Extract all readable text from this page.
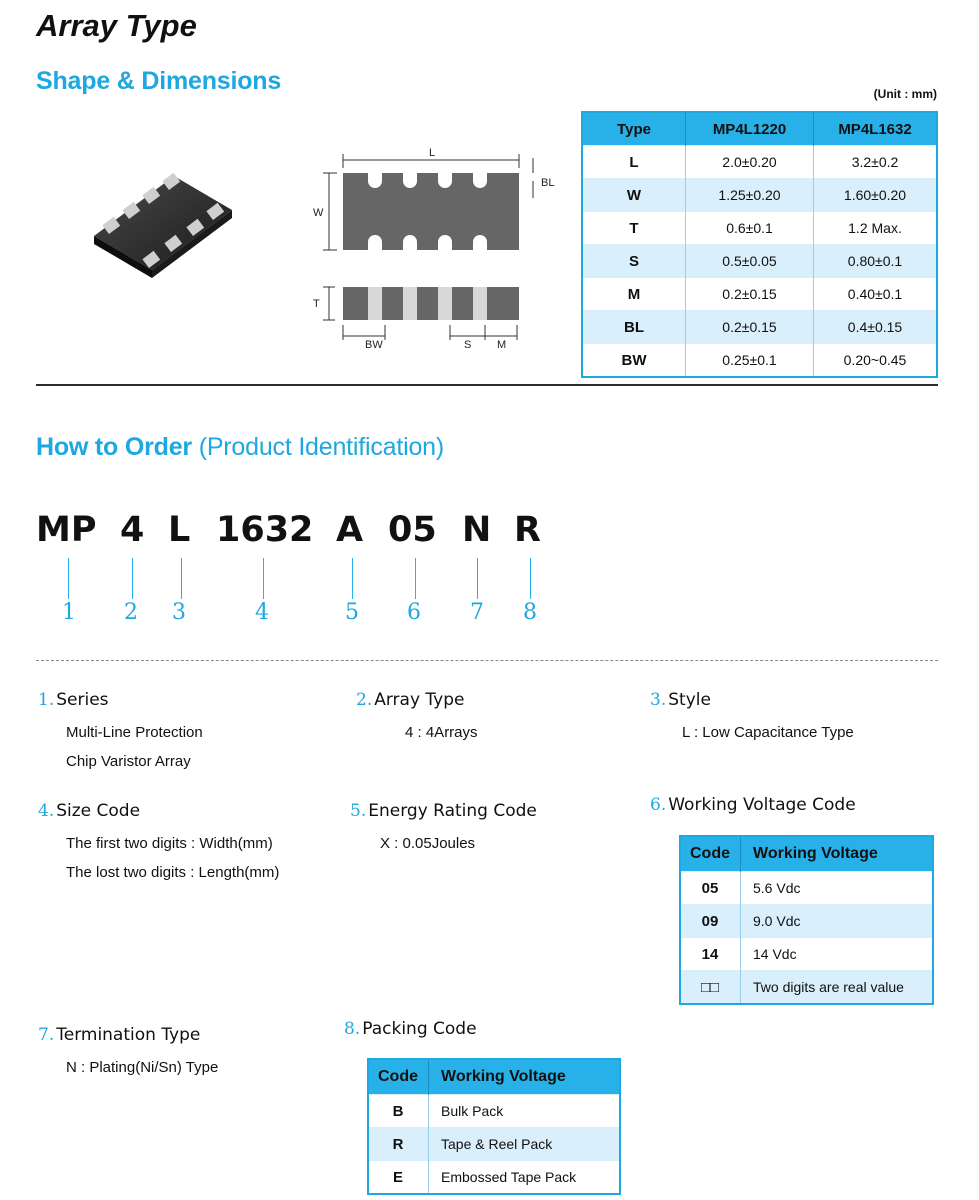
Array Type
Shape & Dimensions	(Unit : mm)
L
W
BL
T
BW	S M
Type	MP4L1220	MP4L1632
L	2.0±0.20	3.2±0.2
W	1.25±0.20	1.60±0.20
T	0.6±0.1	1.2 Max.
S	0.5±0.05	0.80±0.1
M	0.2±0.15	0.40±0.1
BL	0.2±0.15	0.4±0.15
BW	0.25±0.1	0.20~0.45
How to Order (Product Identification)
MP 4 L 1632 A 05 N R
1 2 3	4	5 6 7 8
1. Series
Multi-Line Protection
Chip Varistor Array
2. Array Type
4 : 4Arrays
3. Style
L : Low Capacitance Type
4. Size Code
The first two digits : Width(mm)
The lost two digits : Length(mm)
5. Energy Rating Code
X : 0.05Joules
6. Working Voltage Code
Code	Working Voltage
05	5.6 Vdc
09	9.0 Vdc
14	14 Vdc
□□	Two digits are real value
7. Termination Type
N : Plating(Ni/Sn) Type
8. Packing Code
Code	Working Voltage
B	Bulk Pack
R	Tape & Reel Pack
E	Embossed Tape Pack
